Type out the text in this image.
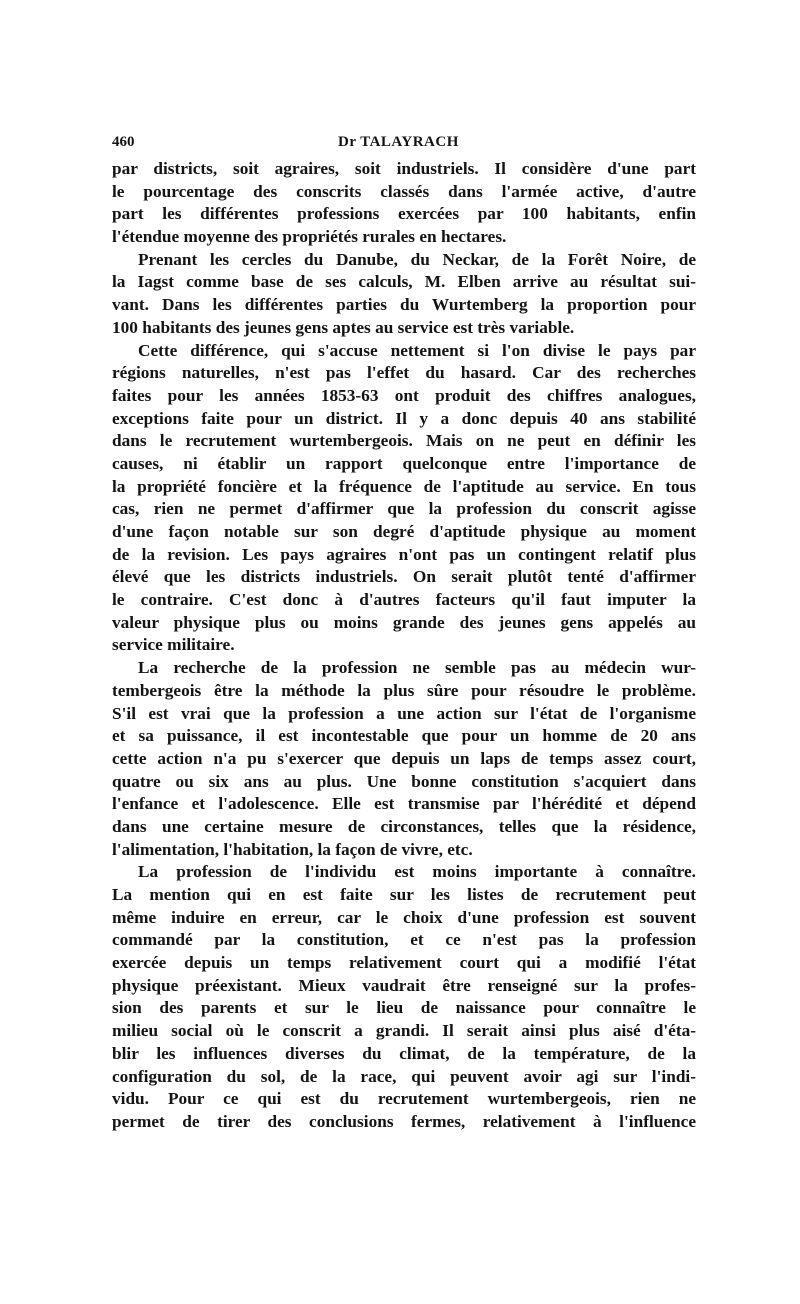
460	Dr TALAYRACH
par districts, soit agraires, soit industriels. Il considère d'une part
le pourcentage des conscrits classés dans l'armée active, d'autre
part les différentes professions exercées par 100 habitants, enfin
l'étendue moyenne des propriétés rurales en hectares.
Prenant les cercles du Danube, du Neckar, de la Forêt Noire, de
la Iagst comme base de ses calculs, M. Elben arrive au résultat sui-
vant. Dans les différentes parties du Wurtemberg la proportion pour
100 habitants des jeunes gens aptes au service est très variable.
Cette différence, qui s'accuse nettement si l'on divise le pays par
régions naturelles, n'est pas l'effet du hasard. Car des recherches
faites pour les années 1853-63 ont produit des chiffres analogues,
exceptions faite pour un district. Il y a donc depuis 40 ans stabilité
dans le recrutement wurtembergeois. Mais on ne peut en définir les
causes, ni établir un rapport quelconque entre l'importance de
la propriété foncière et la fréquence de l'aptitude au service. En tous
cas, rien ne permet d'affirmer que la profession du conscrit agisse
d'une façon notable sur son degré d'aptitude physique au moment
de la revision. Les pays agraires n'ont pas un contingent relatif plus
élevé que les districts industriels. On serait plutôt tenté d'affirmer
le contraire. C'est donc à d'autres facteurs qu'il faut imputer la
valeur physique plus ou moins grande des jeunes gens appelés au
service militaire.
La recherche de la profession ne semble pas au médecin wur-
tembergeois être la méthode la plus sûre pour résoudre le problème.
S'il est vrai que la profession a une action sur l'état de l'organisme
et sa puissance, il est incontestable que pour un homme de 20 ans
cette action n'a pu s'exercer que depuis un laps de temps assez court,
quatre ou six ans au plus. Une bonne constitution s'acquiert dans
l'enfance et l'adolescence. Elle est transmise par l'hérédité et dépend
dans une certaine mesure de circonstances, telles que la résidence,
l'alimentation, l'habitation, la façon de vivre, etc.
La profession de l'individu est moins importante à connaître.
La mention qui en est faite sur les listes de recrutement peut
même induire en erreur, car le choix d'une profession est souvent
commandé par la constitution, et ce n'est pas la profession
exercée depuis un temps relativement court qui a modifié l'état
physique préexistant. Mieux vaudrait être renseigné sur la profes-
sion des parents et sur le lieu de naissance pour connaître le
milieu social où le conscrit a grandi. Il serait ainsi plus aisé d'éta-
blir les influences diverses du climat, de la température, de la
configuration du sol, de la race, qui peuvent avoir agi sur l'indi-
vidu. Pour ce qui est du recrutement wurtembergeois, rien ne
permet de tirer des conclusions fermes, relativement à l'influence
